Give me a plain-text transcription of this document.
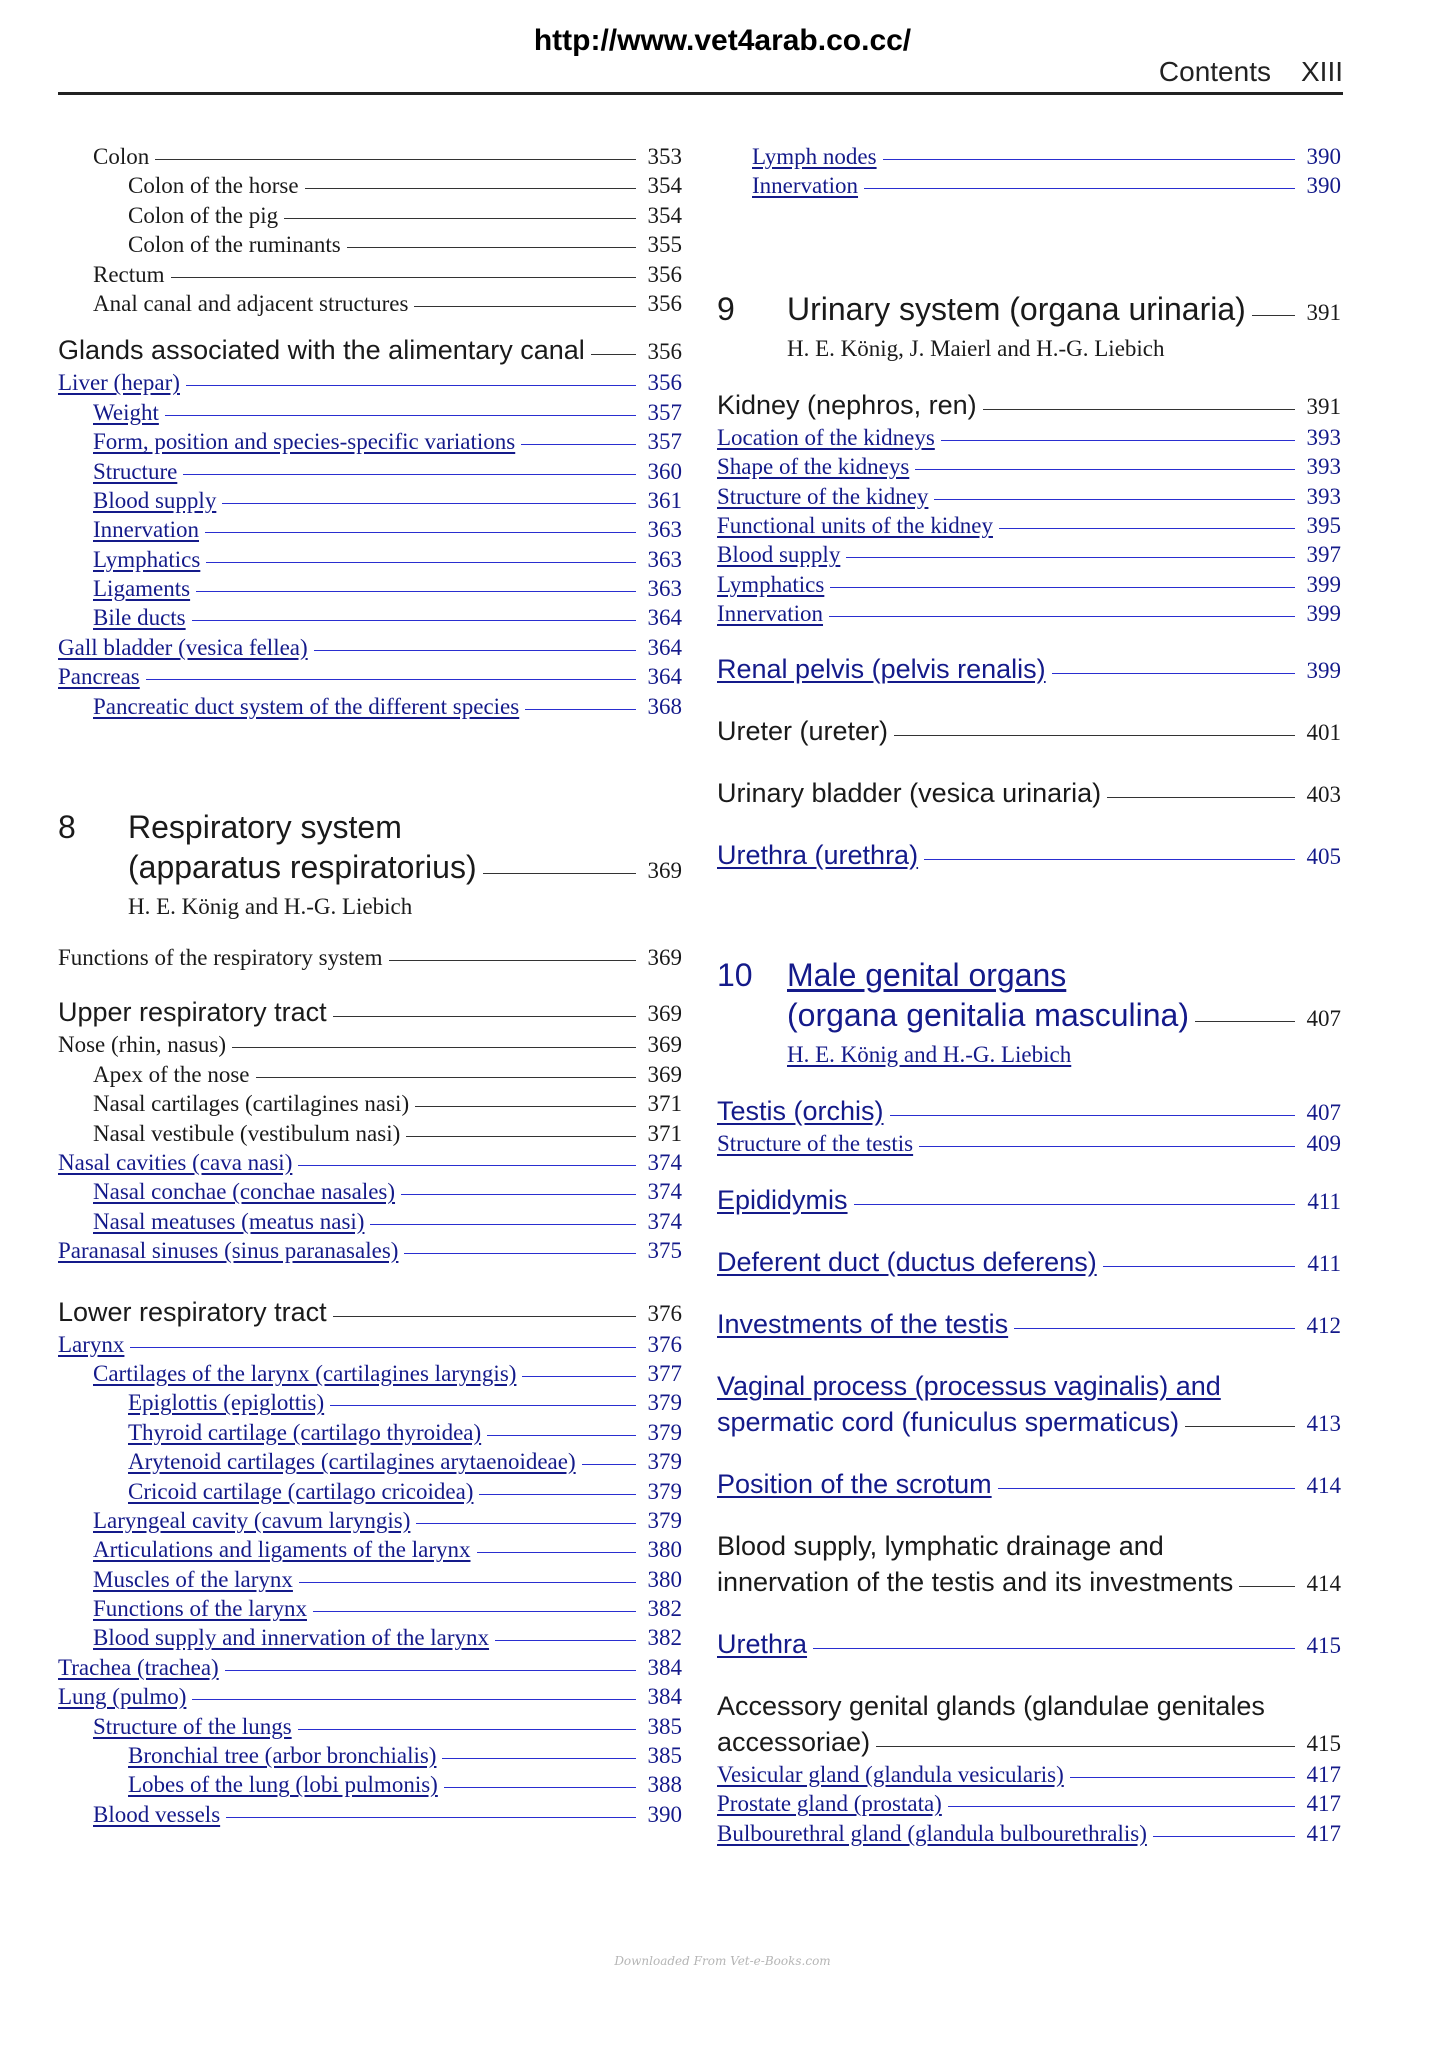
http://www.vet4arab.co.cc/
Contents XIII
Colon	353
Colon of the horse	354
Colon of the pig	354
Colon of the ruminants	355
Rectum	356
Anal canal and adjacent structures	356
Glands associated with the alimentary canal	356
Liver (hepar)	356
Weight	357
Form, position and species-specific variations	357
Structure	360
Blood supply	361
Innervation	363
Lymphatics	363
Ligaments	363
Bile ducts	364
Gall bladder (vesica fellea)	364
Pancreas	364
Pancreatic duct system of the different species	368
8	Respiratory system
(apparatus respiratorius)	369
H. E. König and H.-G. Liebich
Functions of the respiratory system	369
Upper respiratory tract	369
Nose (rhin, nasus)	369
Apex of the nose	369
Nasal cartilages (cartilagines nasi)	371
Nasal vestibule (vestibulum nasi)	371
Nasal cavities (cava nasi)	374
Nasal conchae (conchae nasales)	374
Nasal meatuses (meatus nasi)	374
Paranasal sinuses (sinus paranasales)	375
Lower respiratory tract	376
Larynx	376
Cartilages of the larynx (cartilagines laryngis)	377
Epiglottis (epiglottis)	379
Thyroid cartilage (cartilago thyroidea)	379
Arytenoid cartilages (cartilagines arytaenoideae)	379
Cricoid cartilage (cartilago cricoidea)	379
Laryngeal cavity (cavum laryngis)	379
Articulations and ligaments of the larynx	380
Muscles of the larynx	380
Functions of the larynx	382
Blood supply and innervation of the larynx	382
Trachea (trachea)	384
Lung (pulmo)	384
Structure of the lungs	385
Bronchial tree (arbor bronchialis)	385
Lobes of the lung (lobi pulmonis)	388
Blood vessels	390
Lymph nodes	390
Innervation	390
9	Urinary system (organa urinaria)	391
H. E. König, J. Maierl and H.-G. Liebich
Kidney (nephros, ren)	391
Location of the kidneys	393
Shape of the kidneys	393
Structure of the kidney	393
Functional units of the kidney	395
Blood supply	397
Lymphatics	399
Innervation	399
Renal pelvis (pelvis renalis)	399
Ureter (ureter)	401
Urinary bladder (vesica urinaria)	403
Urethra (urethra)	405
10	Male genital organs
(organa genitalia masculina)	407
H. E. König and H.-G. Liebich
Testis (orchis)	407
Structure of the testis	409
Epididymis	411
Deferent duct (ductus deferens)	411
Investments of the testis	412
Vaginal process (processus vaginalis) and
spermatic cord (funiculus spermaticus)	413
Position of the scrotum	414
Blood supply, lymphatic drainage and
innervation of the testis and its investments	414
Urethra	415
Accessory genital glands (glandulae genitales
accessoriae)	415
Vesicular gland (glandula vesicularis)	417
Prostate gland (prostata)	417
Bulbourethral gland (glandula bulbourethralis)	417
Downloaded From Vet-e-Books.com
